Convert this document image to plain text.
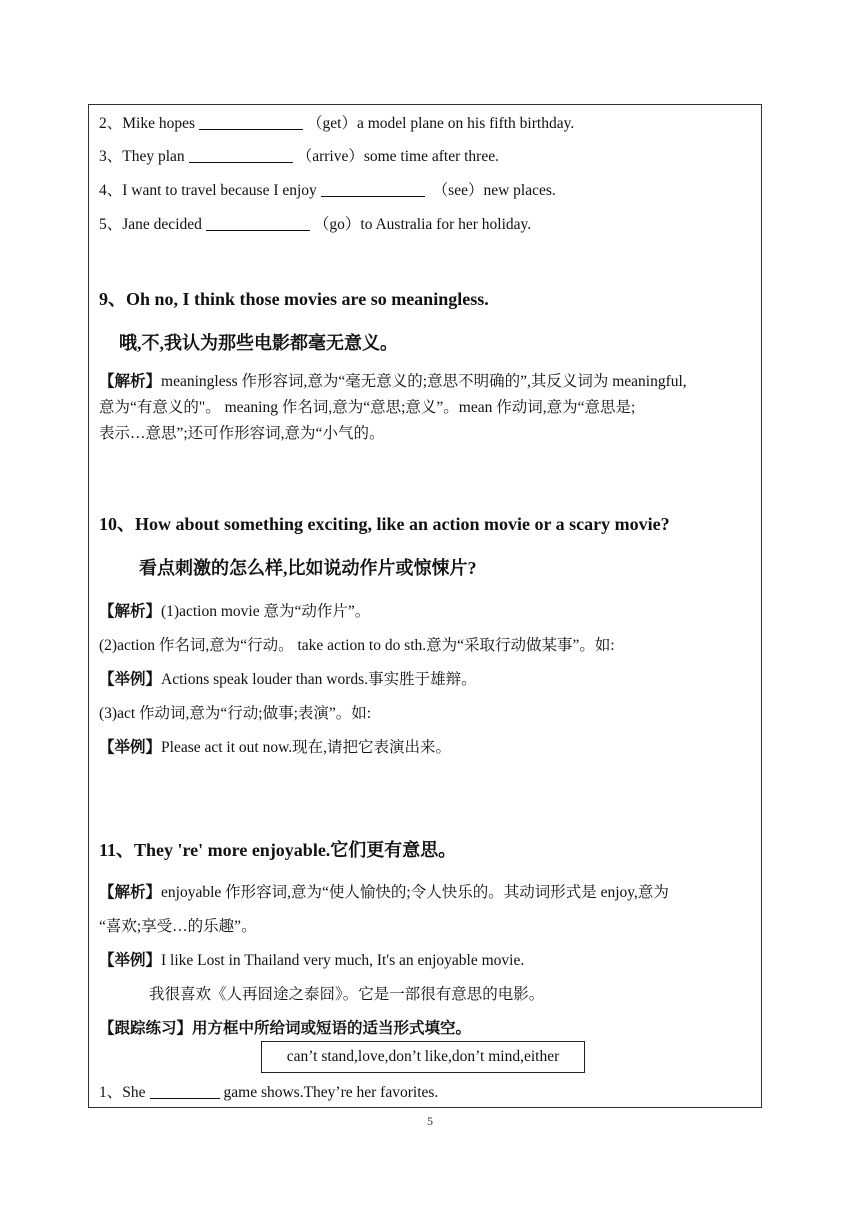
2、Mike hopes	（get）a model plane on his fifth birthday.
3、They plan	（arrive）some time after three.
4、I want to travel because I enjoy	（see）new places.
5、Jane decided	（go）to Australia for her holiday.
9、Oh no, I think those movies are so meaningless.
哦,不,我认为那些电影都毫无意义。
【解析】meaningless 作形容词,意为“毫无意义的;意思不明确的”,其反义词为 meaningful,
意为“有意义的"。 meaning 作名词,意为“意思;意义”。mean 作动词,意为“意思是;
表示…意思”;还可作形容词,意为“小气的。
10、How about something exciting, like an action movie or a scary movie?
看点刺激的怎么样,比如说动作片或惊悚片?
【解析】(1)action movie 意为“动作片”。
(2)action 作名词,意为“行动。 take action to do sth.意为“采取行动做某事”。如:
【举例】Actions speak louder than words.事实胜于雄辩。
(3)act 作动词,意为“行动;做事;表演”。如:
【举例】Please act it out now.现在,请把它表演出来。
11、They 're' more enjoyable.它们更有意思。
【解析】enjoyable 作形容词,意为“使人愉快的;令人快乐的。其动词形式是 enjoy,意为
“喜欢;享受…的乐趣”。
【举例】I like Lost in Thailand very much, It's an enjoyable movie.
我很喜欢《人再囧途之泰囧》。它是一部很有意思的电影。
【跟踪练习】用方框中所给词或短语的适当形式填空。
can’t stand,love,don’t like,don’t mind,either
1、She	game shows.They’re her favorites.
5
